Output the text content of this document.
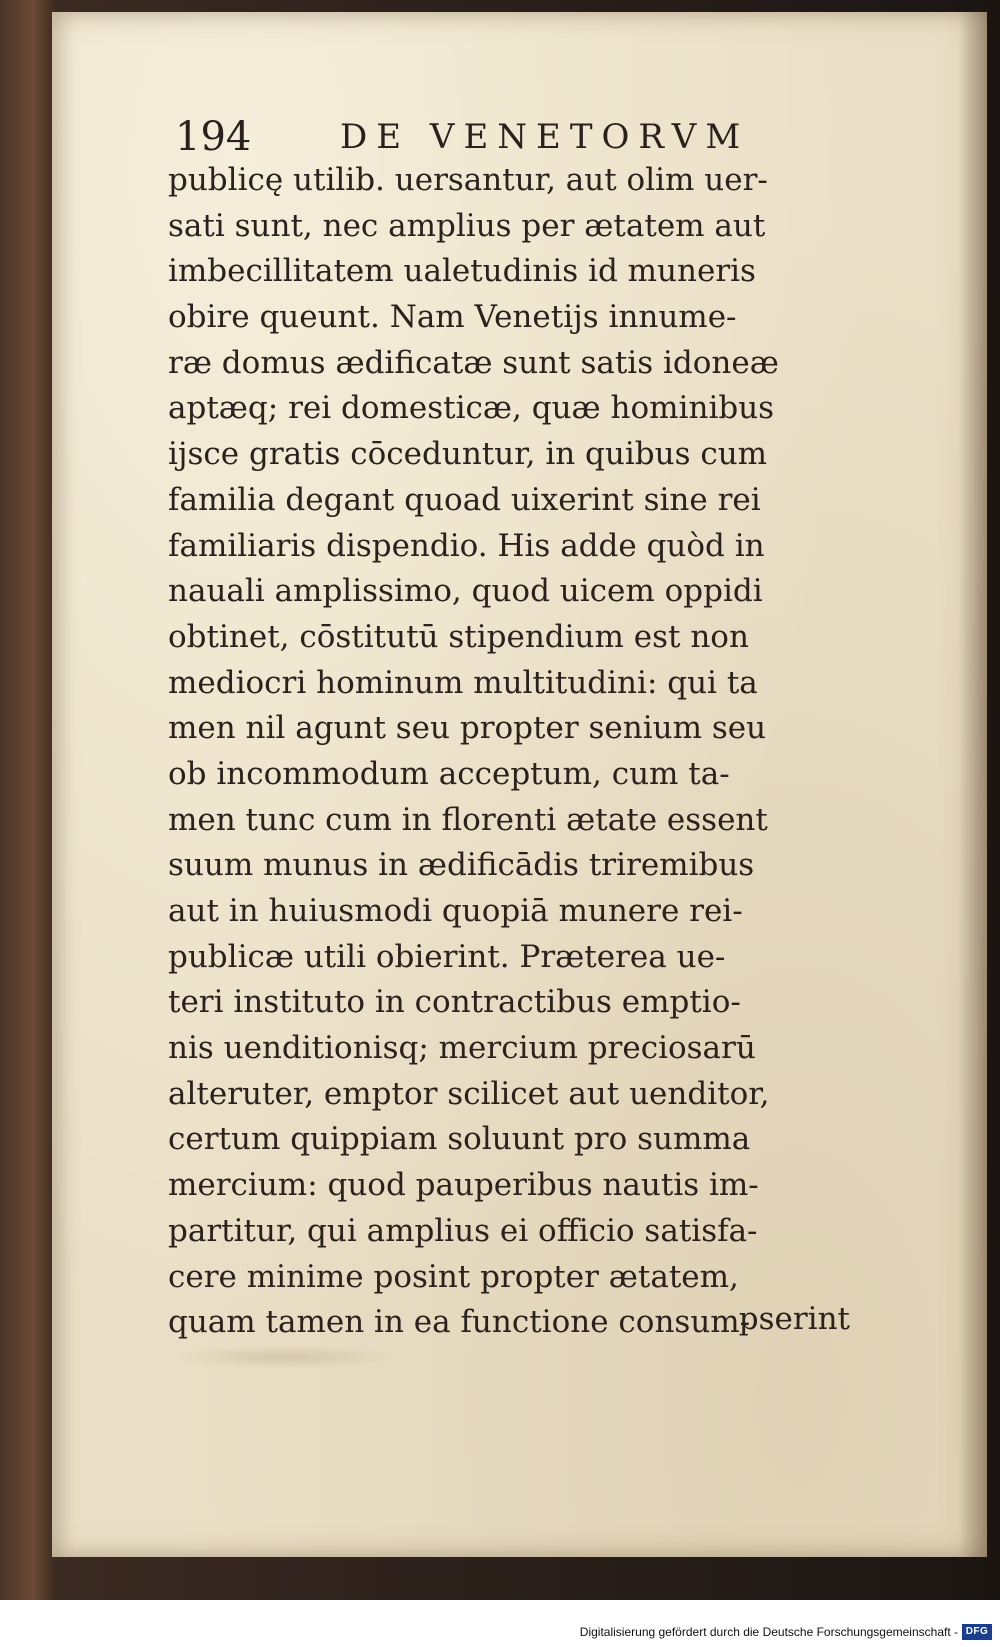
194	DE VENETORVM
publicę utilib. uersantur, aut olim uer-
sati sunt, nec amplius per ætatem aut
imbecillitatem ualetudinis id muneris
obire queunt. Nam Venetijs innume-
ræ domus ædificatæ sunt satis idoneæ
aptæq; rei domesticæ, quæ hominibus
ijsce gratis cōceduntur, in quibus cum
familia degant quoad uixerint sine rei
familiaris dispendio. His adde quòd in
nauali amplissimo, quod uicem oppidi
obtinet, cōstitutū stipendium est non
mediocri hominum multitudini: qui ta
men nil agunt seu propter senium seu
ob incommodum acceptum, cum ta-
men tunc cum in florenti ætate essent
suum munus in ædificādis triremibus
aut in huiusmodi quopiā munere rei-
publicæ utili obierint. Præterea ue-
teri instituto in contractibus emptio-
nis uenditionisq; mercium preciosarū
alteruter, emptor scilicet aut uenditor,
certum quippiam soluunt pro summa
mercium: quod pauperibus nautis im-
partitur, qui amplius ei officio satisfa-
cere minime posint propter ætatem,
quam tamen in ea functione consum-
pserint
Digitalisierung gefördert durch die Deutsche Forschungsgemeinschaft - DFG
